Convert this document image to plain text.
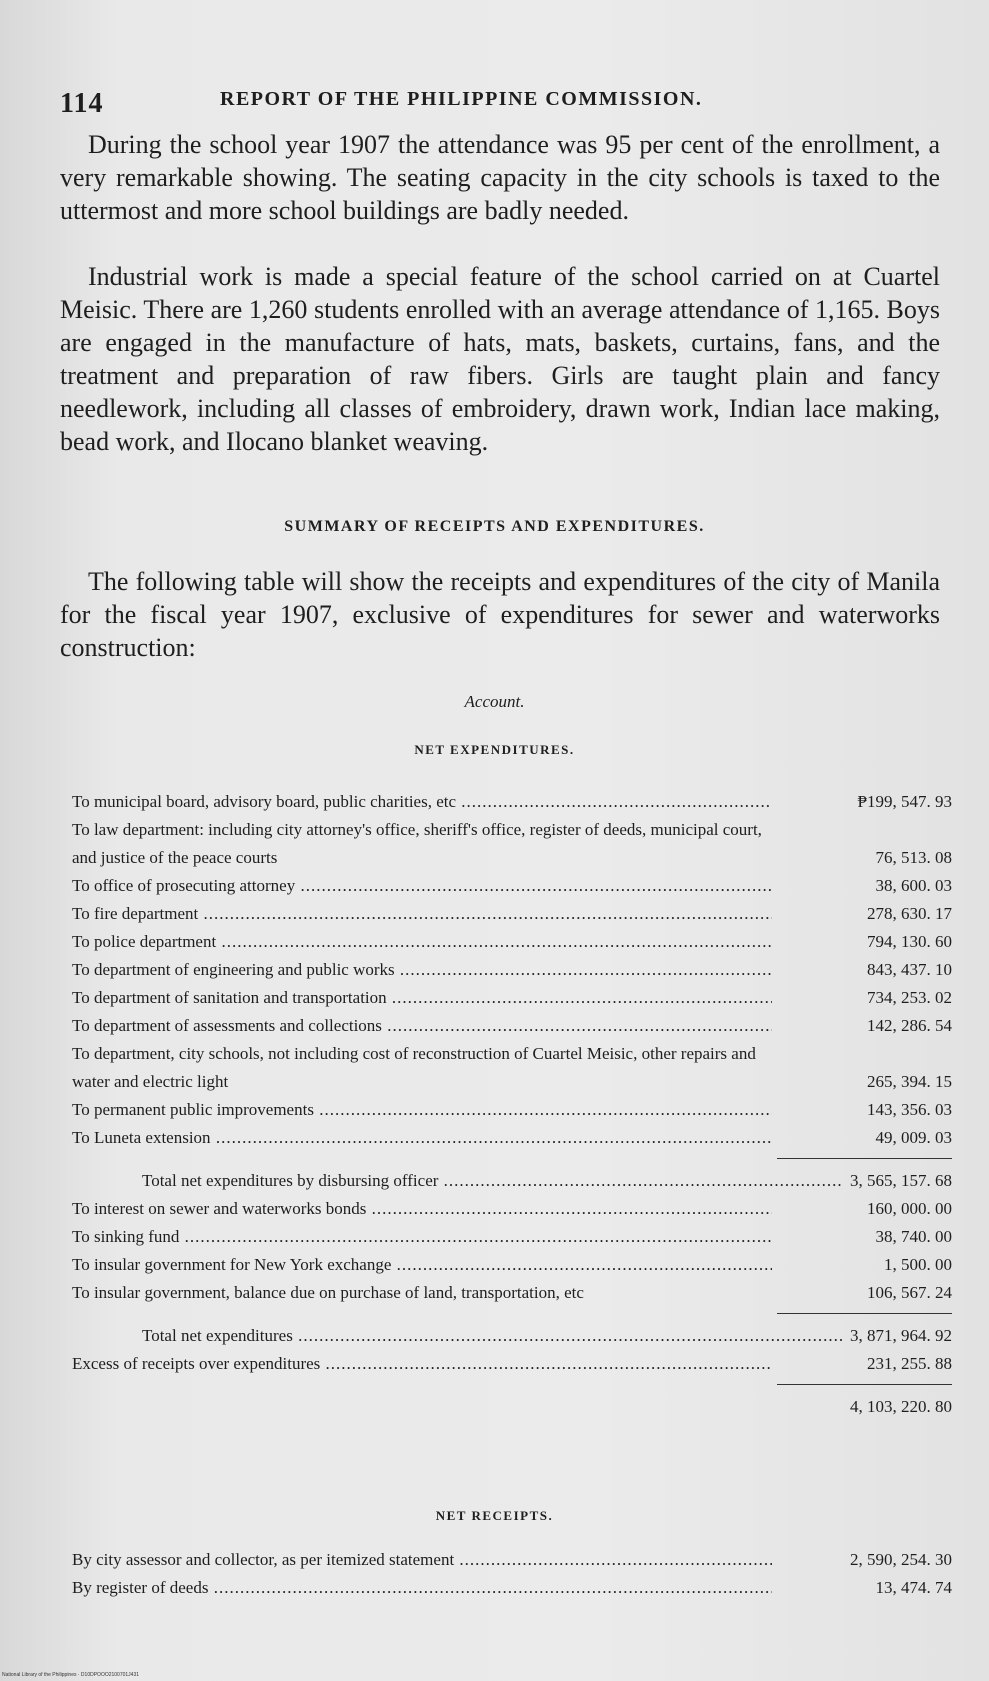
114	REPORT OF THE PHILIPPINE COMMISSION.

During the school year 1907 the attendance was 95 per cent of the enrollment, a very remarkable showing. The seating capacity in the city schools is taxed to the uttermost and more school buildings are badly needed.

Industrial work is made a special feature of the school carried on at Cuartel Meisic. There are 1,260 students enrolled with an average attendance of 1,165. Boys are engaged in the manufacture of hats, mats, baskets, curtains, fans, and the treatment and preparation of raw fibers. Girls are taught plain and fancy needlework, including all classes of embroidery, drawn work, Indian lace making, bead work, and Ilocano blanket weaving.

SUMMARY OF RECEIPTS AND EXPENDITURES.

The following table will show the receipts and expenditures of the city of Manila for the fiscal year 1907, exclusive of expenditures for sewer and waterworks construction:

Account.
NET EXPENDITURES.
To municipal board, advisory board, public charities, etc .....	₱199, 547. 93
To law department: including city attorney's office, sheriff's office, register of deeds, municipal court, and justice of the peace courts	76, 513. 08
To office of prosecuting attorney .....	38, 600. 03
To fire department .....	278, 630. 17
To police department .....	794, 130. 60
To department of engineering and public works .....	843, 437. 10
To department of sanitation and transportation .....	734, 253. 02
To department of assessments and collections .....	142, 286. 54
To department, city schools, not including cost of reconstruction of Cuartel Meisic, other repairs and water and electric light	265, 394. 15
To permanent public improvements .....	143, 356. 03
To Luneta extension .....	49, 009. 03
Total net expenditures by disbursing officer .....	3, 565, 157. 68
To interest on sewer and waterworks bonds .....	160, 000. 00
To sinking fund .....	38, 740. 00
To insular government for New York exchange .....	1, 500. 00
To insular government, balance due on purchase of land, transportation, etc	106, 567. 24
Total net expenditures .....	3, 871, 964. 92
Excess of receipts over expenditures .....	231, 255. 88

4, 103, 220. 80
NET RECEIPTS.
By city assessor and collector, as per itemized statement .....	2, 590, 254. 30
By register of deeds .....	13, 474. 74
National Library of the Philippines · D10DPOOO2100701J431
